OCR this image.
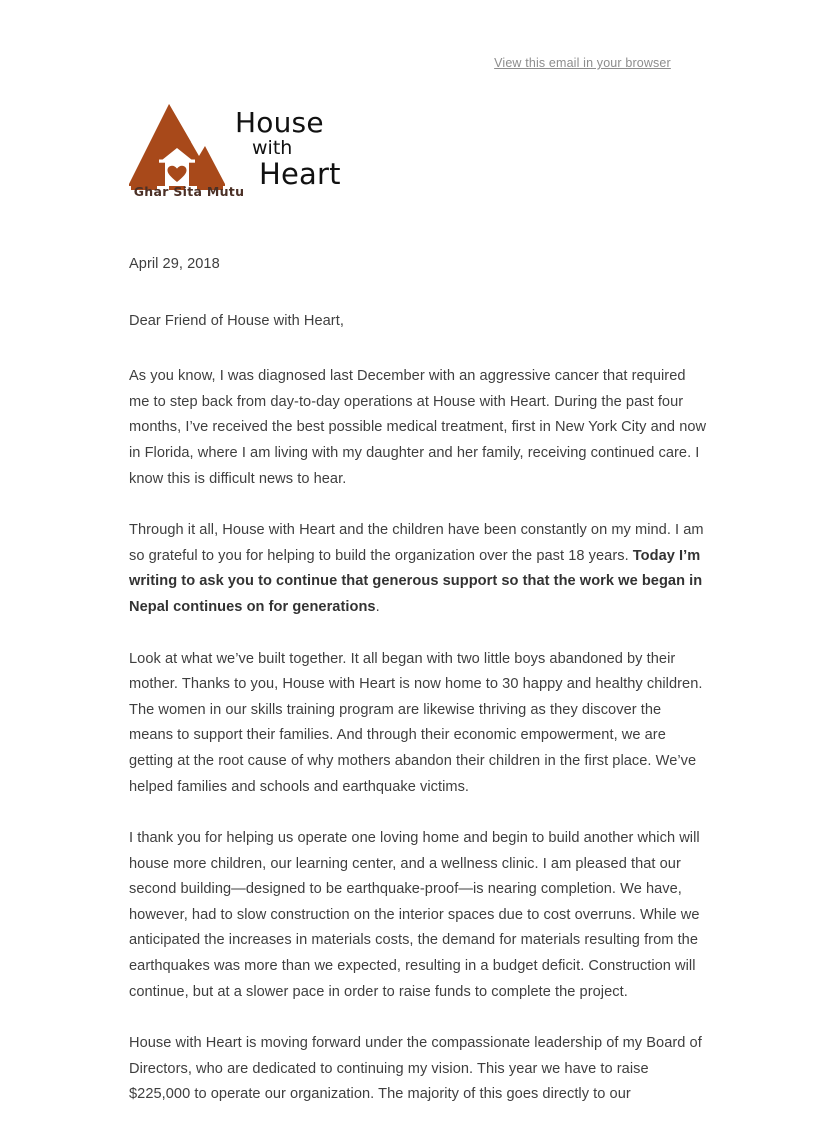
View this email in your browser
House
with
Heart
Ghar Sita Mutu

April 29, 2018

Dear Friend of House with Heart,

As you know, I was diagnosed last December with an aggressive cancer that required me to step back from day-to-day operations at House with Heart. During the past four months, I’ve received the best possible medical treatment, first in New York City and now in Florida, where I am living with my daughter and her family, receiving continued care. I know this is difficult news to hear.

Through it all, House with Heart and the children have been constantly on my mind. I am so grateful to you for helping to build the organization over the past 18 years. Today I’m writing to ask you to continue that generous support so that the work we began in Nepal continues on for generations.

Look at what we’ve built together. It all began with two little boys abandoned by their mother. Thanks to you, House with Heart is now home to 30 happy and healthy children. The women in our skills training program are likewise thriving as they discover the means to support their families. And through their economic empowerment, we are getting at the root cause of why mothers abandon their children in the first place. We’ve helped families and schools and earthquake victims.

I thank you for helping us operate one loving home and begin to build another which will house more children, our learning center, and a wellness clinic. I am pleased that our second building—designed to be earthquake-proof—is nearing completion. We have, however, had to slow construction on the interior spaces due to cost overruns. While we anticipated the increases in materials costs, the demand for materials resulting from the earthquakes was more than we expected, resulting in a budget deficit. Construction will continue, but at a slower pace in order to raise funds to complete the project.

House with Heart is moving forward under the compassionate leadership of my Board of Directors, who are dedicated to continuing my vision. This year we have to raise $225,000 to operate our organization. The majority of this goes directly to our
